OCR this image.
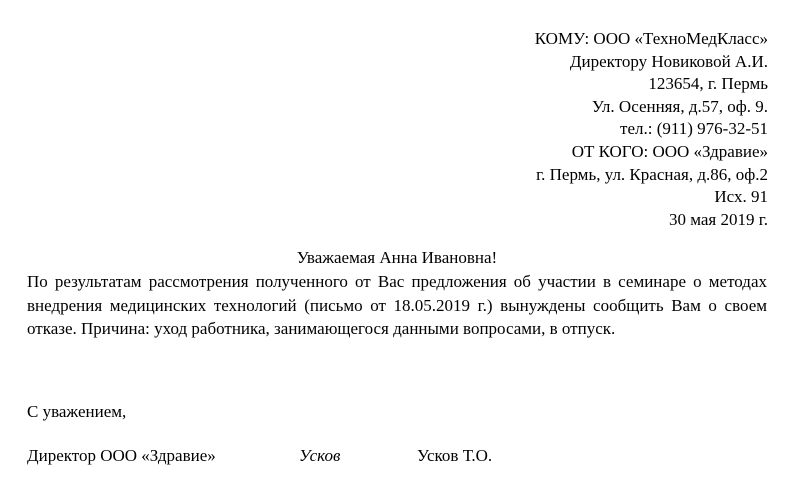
КОМУ: ООО «ТехноМедКласс»
Директору Новиковой А.И.
123654, г. Пермь
Ул. Осенняя, д.57, оф. 9.
тел.: (911) 976-32-51
ОТ КОГО: ООО «Здравие»
г. Пермь, ул. Красная, д.86, оф.2
Исх. 91
30 мая 2019 г.
Уважаемая Анна Ивановна!
По результатам рассмотрения полученного от Вас предложения об участии в семинаре о методах внедрения медицинских технологий (письмо от 18.05.2019 г.) вынуждены сообщить Вам о своем отказе. Причина: уход работника, занимающегося данными вопросами, в отпуск.
С уважением,
Директор ООО «Здравие»	Усков	Усков Т.О.
